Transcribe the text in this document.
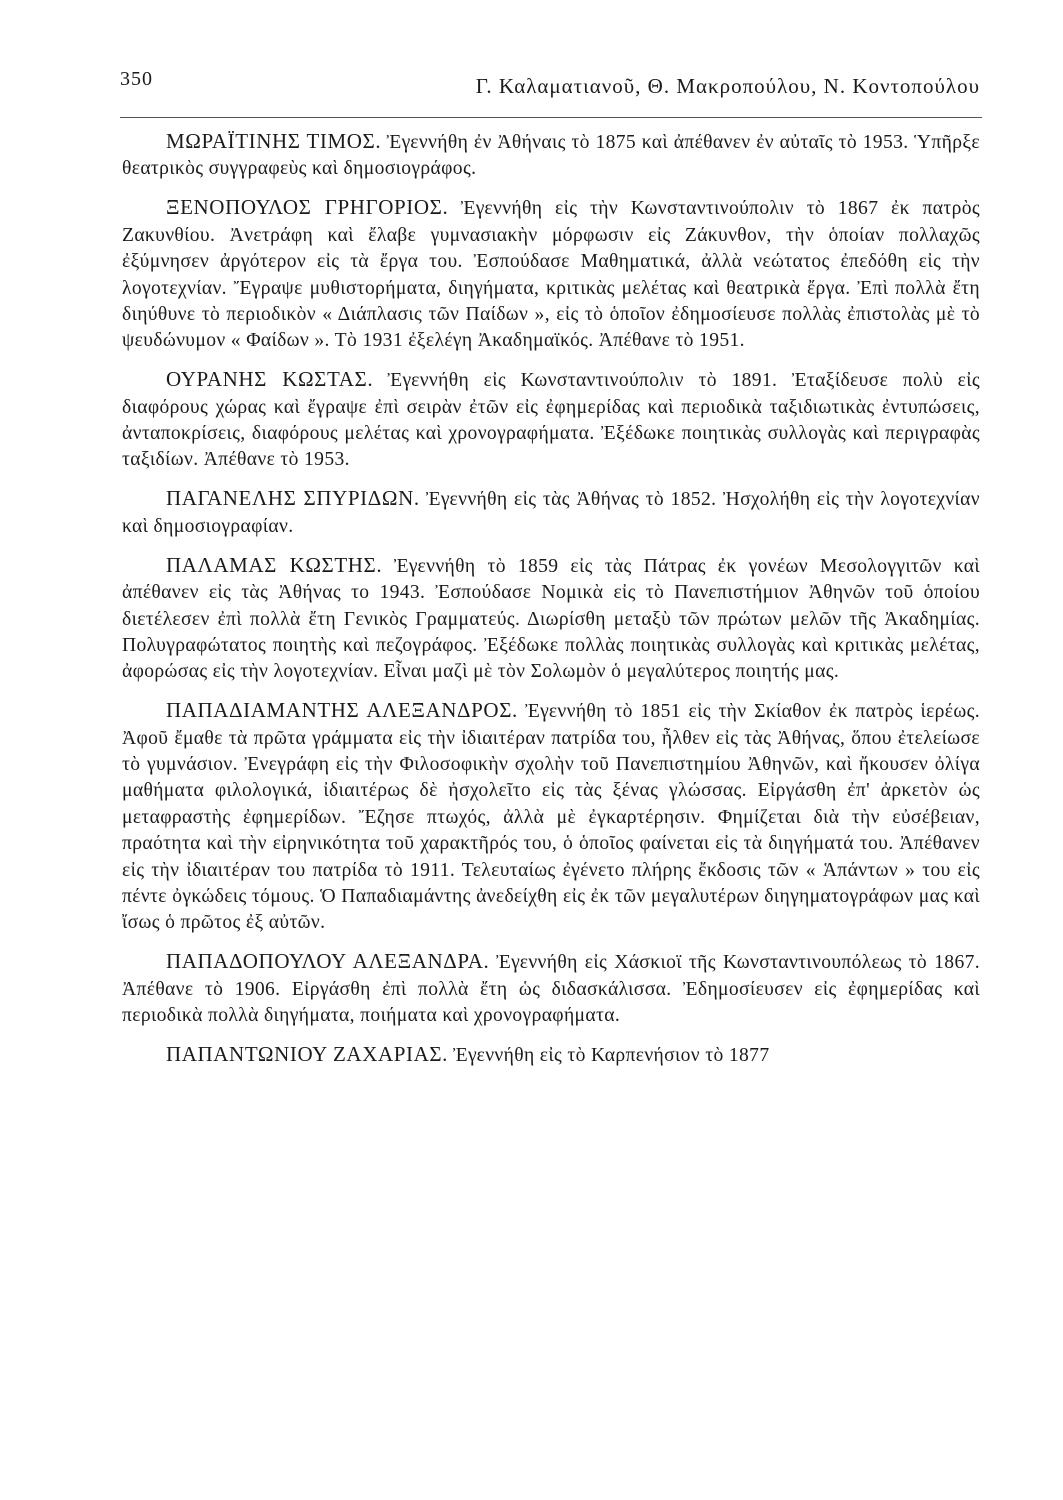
350	Γ. Καλαματιανοῦ, Θ. Μακροπούλου, Ν. Κοντοπούλου

ΜΩΡΑΪΤΙΝΗΣ ΤΙΜΟΣ. Ἐγεννήθη ἐν Ἀθήναις τὸ 1875 καὶ ἀπέθανεν ἐν αὐταῖς τὸ 1953. Ὑπῆρξε θεατρικὸς συγγραφεὺς καὶ δημοσιογράφος.

ΞΕΝΟΠΟΥΛΟΣ ΓΡΗΓΟΡΙΟΣ. Ἐγεννήθη εἰς τὴν Κωνσταντινούπολιν τὸ 1867 ἐκ πατρὸς Ζακυνθίου. Ἀνετράφη καὶ ἔλαβε γυμνασιακὴν μόρφωσιν εἰς Ζάκυνθον, τὴν ὁποίαν πολλαχῶς ἐξύμνησεν ἀργότερον εἰς τὰ ἔργα του. Ἐσπούδασε Μαθηματικά, ἀλλὰ νεώτατος ἐπεδόθη εἰς τὴν λογοτεχνίαν. Ἔγραψε μυθιστορήματα, διηγήματα, κριτικὰς μελέτας καὶ θεατρικὰ ἔργα. Ἐπὶ πολλὰ ἔτη διηύθυνε τὸ περιοδικὸν « Διάπλασις τῶν Παίδων », εἰς τὸ ὁποῖον ἐδημοσίευσε πολλὰς ἐπιστολὰς μὲ τὸ ψευδώνυμον « Φαίδων ». Τὸ 1931 ἐξελέγη Ἀκαδημαϊκός. Ἀπέθανε τὸ 1951.

ΟΥΡΑΝΗΣ ΚΩΣΤΑΣ. Ἐγεννήθη εἰς Κωνσταντινούπολιν τὸ 1891. Ἐταξίδευσε πολὺ εἰς διαφόρους χώρας καὶ ἔγραψε ἐπὶ σειρὰν ἐτῶν εἰς ἐφημερίδας καὶ περιοδικὰ ταξιδιωτικὰς ἐντυπώσεις, ἀνταποκρίσεις, διαφόρους μελέτας καὶ χρονογραφήματα. Ἐξέδωκε ποιητικὰς συλλογὰς καὶ περιγραφὰς ταξιδίων. Ἀπέθανε τὸ 1953.

ΠΑΓΑΝΕΛΗΣ ΣΠΥΡΙΔΩΝ. Ἐγεννήθη εἰς τὰς Ἀθήνας τὸ 1852. Ἠσχολήθη εἰς τὴν λογοτεχνίαν καὶ δημοσιογραφίαν.

ΠΑΛΑΜΑΣ ΚΩΣΤΗΣ. Ἐγεννήθη τὸ 1859 εἰς τὰς Πάτρας ἐκ γονέων Μεσολογγιτῶν καὶ ἀπέθανεν εἰς τὰς Ἀθήνας το 1943. Ἐσπούδασε Νομικὰ εἰς τὸ Πανεπιστήμιον Ἀθηνῶν τοῦ ὁποίου διετέλεσεν ἐπὶ πολλὰ ἔτη Γενικὸς Γραμματεύς. Διωρίσθη μεταξὺ τῶν πρώτων μελῶν τῆς Ἀκαδημίας. Πολυγραφώτατος ποιητὴς καὶ πεζογράφος. Ἐξέδωκε πολλὰς ποιητικὰς συλλογὰς καὶ κριτικὰς μελέτας, ἀφορώσας εἰς τὴν λογοτεχνίαν. Εἶναι μαζὶ μὲ τὸν Σολωμὸν ὁ μεγαλύτερος ποιητής μας.

ΠΑΠΑΔΙΑΜΑΝΤΗΣ ΑΛΕΞΑΝΔΡΟΣ. Ἐγεννήθη τὸ 1851 εἰς τὴν Σκίαθον ἐκ πατρὸς ἱερέως. Ἀφοῦ ἔμαθε τὰ πρῶτα γράμματα εἰς τὴν ἰδιαιτέραν πατρίδα του, ἦλθεν εἰς τὰς Ἀθήνας, ὅπου ἐτελείωσε τὸ γυμνάσιον. Ἐνεγράφη εἰς τὴν Φιλοσοφικὴν σχολὴν τοῦ Πανεπιστημίου Ἀθηνῶν, καὶ ἤκουσεν ὀλίγα μαθήματα φιλολογικά, ἰδιαιτέρως δὲ ἠσχολεῖτο εἰς τὰς ξένας γλώσσας. Εἰργάσθη ἐπ' ἀρκετὸν ὡς μεταφραστὴς ἐφημερίδων. Ἔζησε πτωχός, ἀλλὰ μὲ ἐγκαρτέρησιν. Φημίζεται διὰ τὴν εὐσέβειαν, πραότητα καὶ τὴν εἰρηνικότητα τοῦ χαρακτῆρός του, ὁ ὁποῖος φαίνεται εἰς τὰ διηγήματά του. Ἀπέθανεν εἰς τὴν ἰδιαιτέραν του πατρίδα τὸ 1911. Τελευταίως ἐγένετο πλήρης ἔκδοσις τῶν « Ἁπάντων » του εἰς πέντε ὀγκώδεις τόμους. Ὁ Παπαδιαμάντης ἀνεδείχθη εἰς ἐκ τῶν μεγαλυτέρων διηγηματογράφων μας καὶ ἴσως ὁ πρῶτος ἐξ αὐτῶν.

ΠΑΠΑΔΟΠΟΥΛΟΥ ΑΛΕΞΑΝΔΡΑ. Ἐγεννήθη εἰς Χάσκιοϊ τῆς Κωνσταντινουπόλεως τὸ 1867. Ἀπέθανε τὸ 1906. Εἰργάσθη ἐπὶ πολλὰ ἔτη ὡς διδασκάλισσα. Ἐδημοσίευσεν εἰς ἐφημερίδας καὶ περιοδικὰ πολλὰ διηγήματα, ποιήματα καὶ χρονογραφήματα.

ΠΑΠΑΝΤΩΝΙΟΥ ΖΑΧΑΡΙΑΣ. Ἐγεννήθη εἰς τὸ Καρπενήσιον τὸ 1877
